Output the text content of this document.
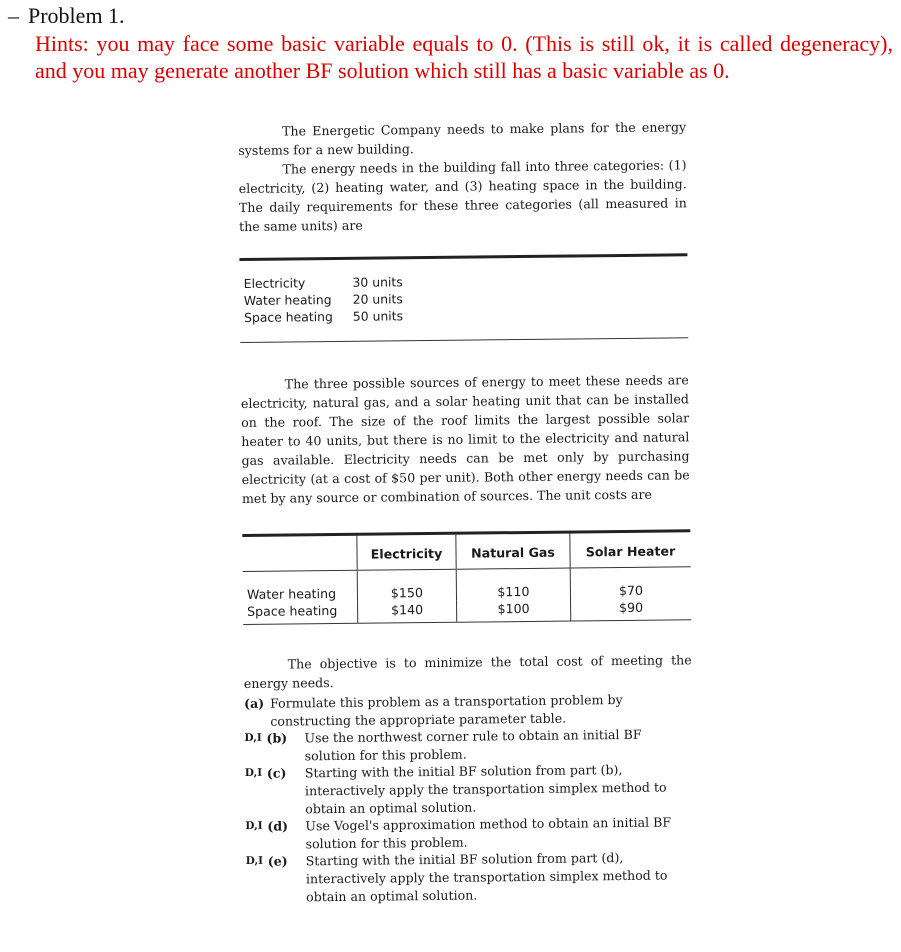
– Problem 1.
Hints: you may face some basic variable equals to 0. (This is still ok, it is called degeneracy), and you may generate another BF solution which still has a basic variable as 0.

The Energetic Company needs to make plans for the energy systems for a new building.

The energy needs in the building fall into three categories: (1) electricity, (2) heating water, and (3) heating space in the building. The daily requirements for these three categories (all measured in the same units) are

Electricity	30 units
Water heating	20 units
Space heating	50 units

The three possible sources of energy to meet these needs are electricity, natural gas, and a solar heating unit that can be installed on the roof. The size of the roof limits the largest possible solar heater to 40 units, but there is no limit to the electricity and natural gas available. Electricity needs can be met only by purchasing electricity (at a cost of $50 per unit). Both other energy needs can be met by any source or combination of sources. The unit costs are

	Electricity	Natural Gas	Solar Heater
Water heating	$150	$110	$70
Space heating	$140	$100	$90

The objective is to minimize the total cost of meeting the energy needs.

(a) Formulate this problem as a transportation problem by constructing the appropriate parameter table.

D,I (b) Use the northwest corner rule to obtain an initial BF solution for this problem.

D,I (c) Starting with the initial BF solution from part (b), interactively apply the transportation simplex method to obtain an optimal solution.

D,I (d) Use Vogel's approximation method to obtain an initial BF solution for this problem.

D,I (e) Starting with the initial BF solution from part (d), interactively apply the transportation simplex method to obtain an optimal solution.
